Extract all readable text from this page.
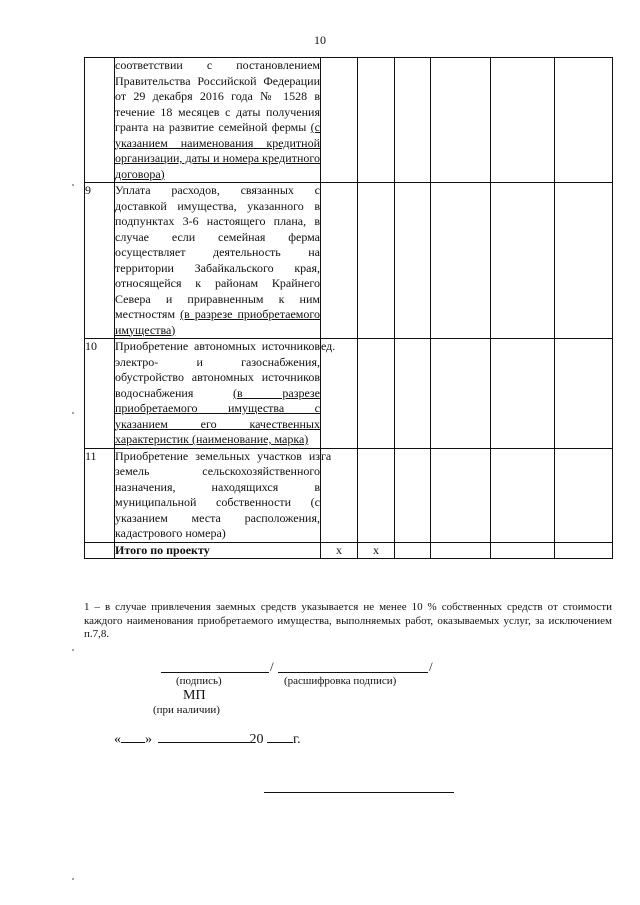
10
	соответствии с постановлением Правительства Российской Федерации от 29 декабря 2016 года № 1528 в течение 18 месяцев с даты получения гранта на развитие семейной фермы (с указанием наименования кредитной организации, даты и номера кредитного договора)						
9	Уплата расходов, связанных с доставкой имущества, указанного в подпунктах 3-6 настоящего плана, в случае если семейная ферма осуществляет деятельность на территории Забайкальского края, относящейся к районам Крайнего Севера и приравненным к ним местностям (в разрезе приобретаемого имущества)						
10	Приобретение автономных источников электро- и газоснабжения, обустройство автономных источников водоснабжения (в разрезе приобретаемого имущества с указанием его качественных характеристик (наименование, марка)	ед.					
11	Приобретение земельных участков из земель сельскохозяйственного назначения, находящихся в муниципальной собственности (с указанием места расположения, кадастрового номера)	га					
	Итого по проекту	х	х				
1 – в случае привлечения заемных средств указывается не менее 10 % собственных средств от стоимости каждого наименования приобретаемого имущества, выполняемых работ, оказываемых услуг, за исключением п.7,8.
/	/
(подпись)	(расшифровка подписи)
МП
(при наличии)
« »	20 г.
